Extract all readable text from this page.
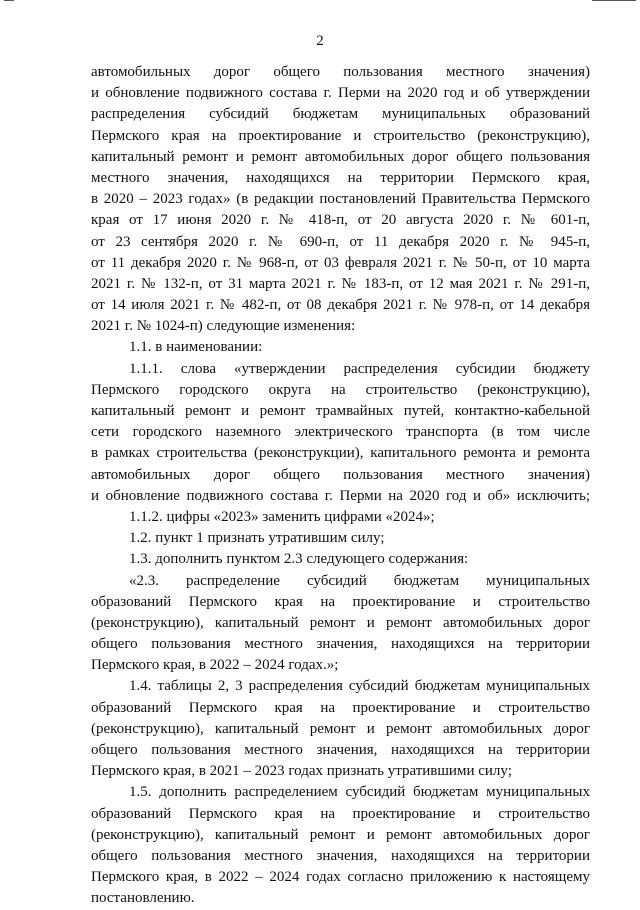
2
автомобильных дорог общего пользования местного значения)
и обновление подвижного состава г. Перми на 2020 год и об утверждении
распределения субсидий бюджетам муниципальных образований
Пермского края на проектирование и строительство (реконструкцию),
капитальный ремонт и ремонт автомобильных дорог общего пользования
местного значения, находящихся на территории Пермского края,
в 2020 – 2023 годах» (в редакции постановлений Правительства Пермского
края от 17 июня 2020 г. № 418-п, от 20 августа 2020 г. № 601-п,
от 23 сентября 2020 г. № 690-п, от 11 декабря 2020 г. № 945-п,
от 11 декабря 2020 г. № 968-п, от 03 февраля 2021 г. № 50-п, от 10 марта
2021 г. № 132-п, от 31 марта 2021 г. № 183-п, от 12 мая 2021 г. № 291-п,
от 14 июля 2021 г. № 482-п, от 08 декабря 2021 г. № 978-п, от 14 декабря
2021 г. № 1024-п) следующие изменения:
1.1. в наименовании:
1.1.1. слова «утверждении распределения субсидии бюджету
Пермского городского округа на строительство (реконструкцию),
капитальный ремонт и ремонт трамвайных путей, контактно-кабельной
сети городского наземного электрического транспорта (в том числе
в рамках строительства (реконструкции), капитального ремонта и ремонта
автомобильных дорог общего пользования местного значения)
и обновление подвижного состава г. Перми на 2020 год и об» исключить;
1.1.2. цифры «2023» заменить цифрами «2024»;
1.2. пункт 1 признать утратившим силу;
1.3. дополнить пунктом 2.3 следующего содержания:
«2.3. распределение субсидий бюджетам муниципальных
образований Пермского края на проектирование и строительство
(реконструкцию), капитальный ремонт и ремонт автомобильных дорог
общего пользования местного значения, находящихся на территории
Пермского края, в 2022 – 2024 годах.»;
1.4. таблицы 2, 3 распределения субсидий бюджетам муниципальных
образований Пермского края на проектирование и строительство
(реконструкцию), капитальный ремонт и ремонт автомобильных дорог
общего пользования местного значения, находящихся на территории
Пермского края, в 2021 – 2023 годах признать утратившими силу;
1.5. дополнить распределением субсидий бюджетам муниципальных
образований Пермского края на проектирование и строительство
(реконструкцию), капитальный ремонт и ремонт автомобильных дорог
общего пользования местного значения, находящихся на территории
Пермского края, в 2022 – 2024 годах согласно приложению к настоящему
постановлению.
